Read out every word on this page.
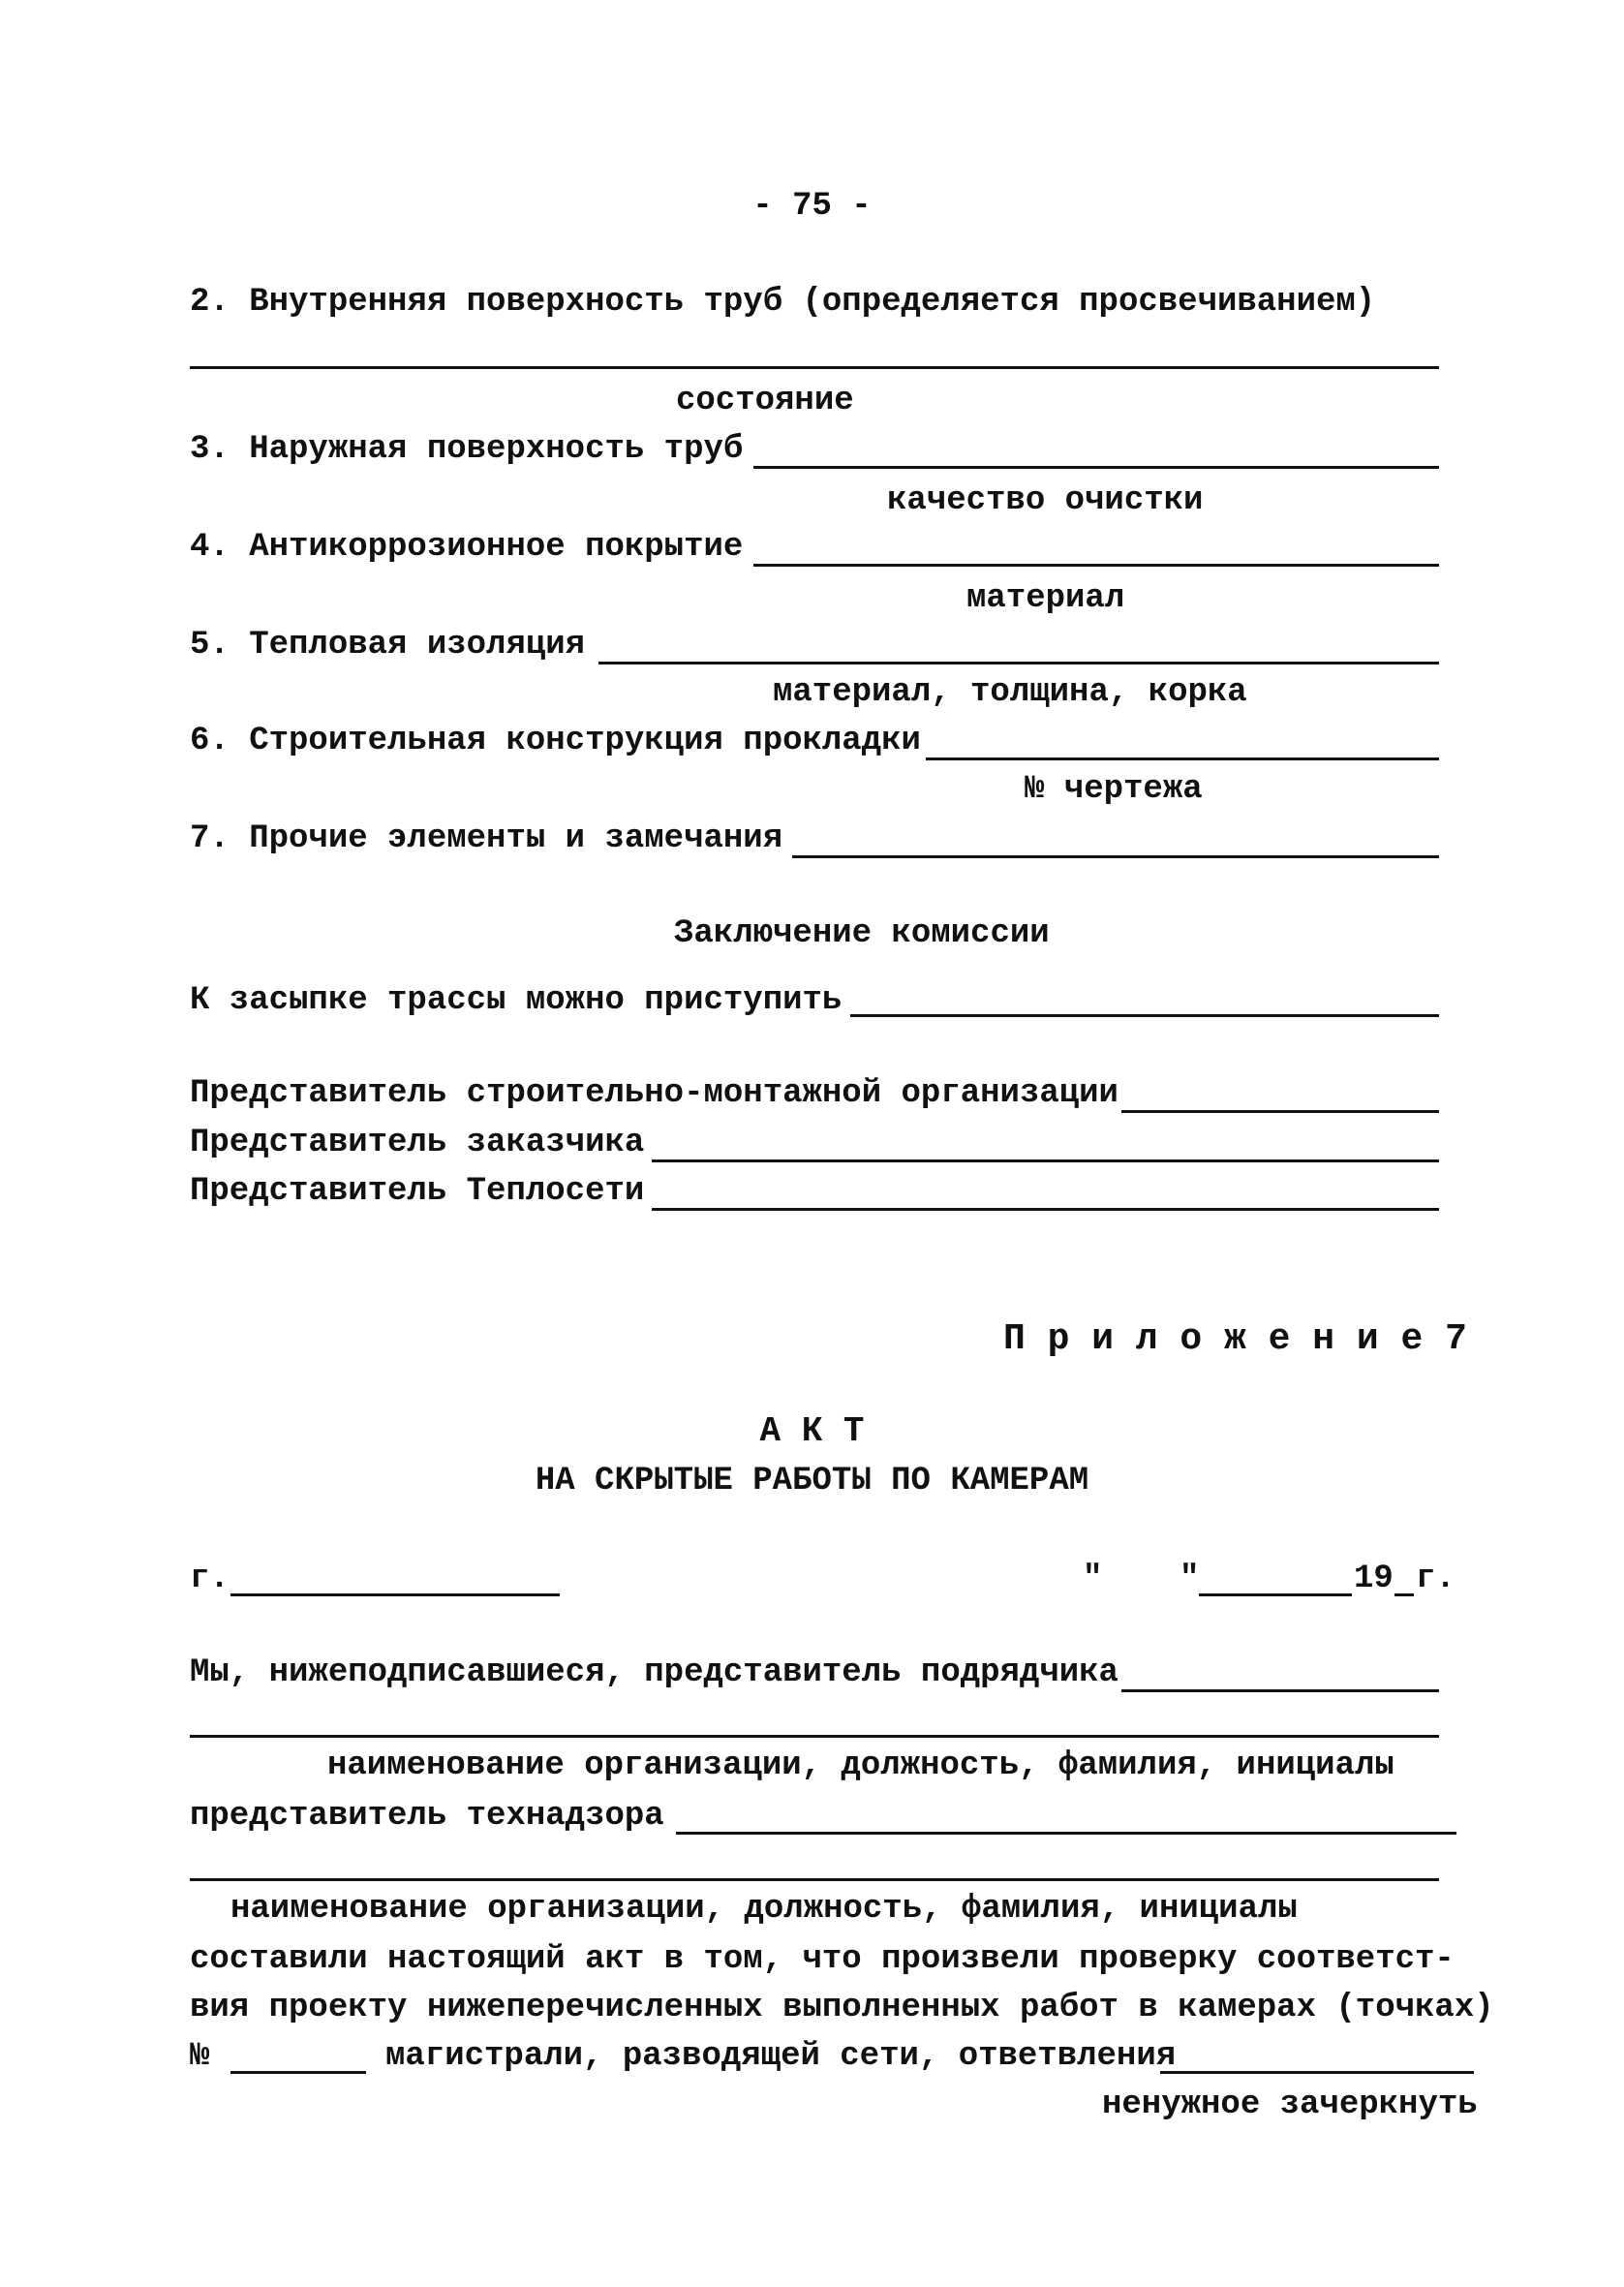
- 75 -
2. Внутренняя поверхность труб (определяется просвечиванием)
состояние
3. Наружная поверхность труб
качество очистки
4. Антикоррозионное покрытие
материал
5. Тепловая изоляция
материал, толщина, корка
6. Строительная конструкция прокладки
№ чертежа
7. Прочие элементы и замечания
Заключение комиссии
К засыпке трассы можно приступить
Представитель строительно-монтажной организации
Представитель заказчика
Представитель Теплосети
П р и л о ж е н и е 7
А К Т
НА СКРЫТЫЕ РАБОТЫ ПО КАМЕРАМ
г.	" "	19 г.
Мы, нижеподписавшиеся, представитель подрядчика
наименование организации, должность, фамилия, инициалы
представитель технадзора
наименование организации, должность, фамилия, инициалы
составили настоящий акт в том, что произвели проверку соответст-
вия проекту нижеперечисленных выполненных работ в камерах (точках)
№	магистрали, разводящей сети, ответвления
ненужное зачеркнуть
